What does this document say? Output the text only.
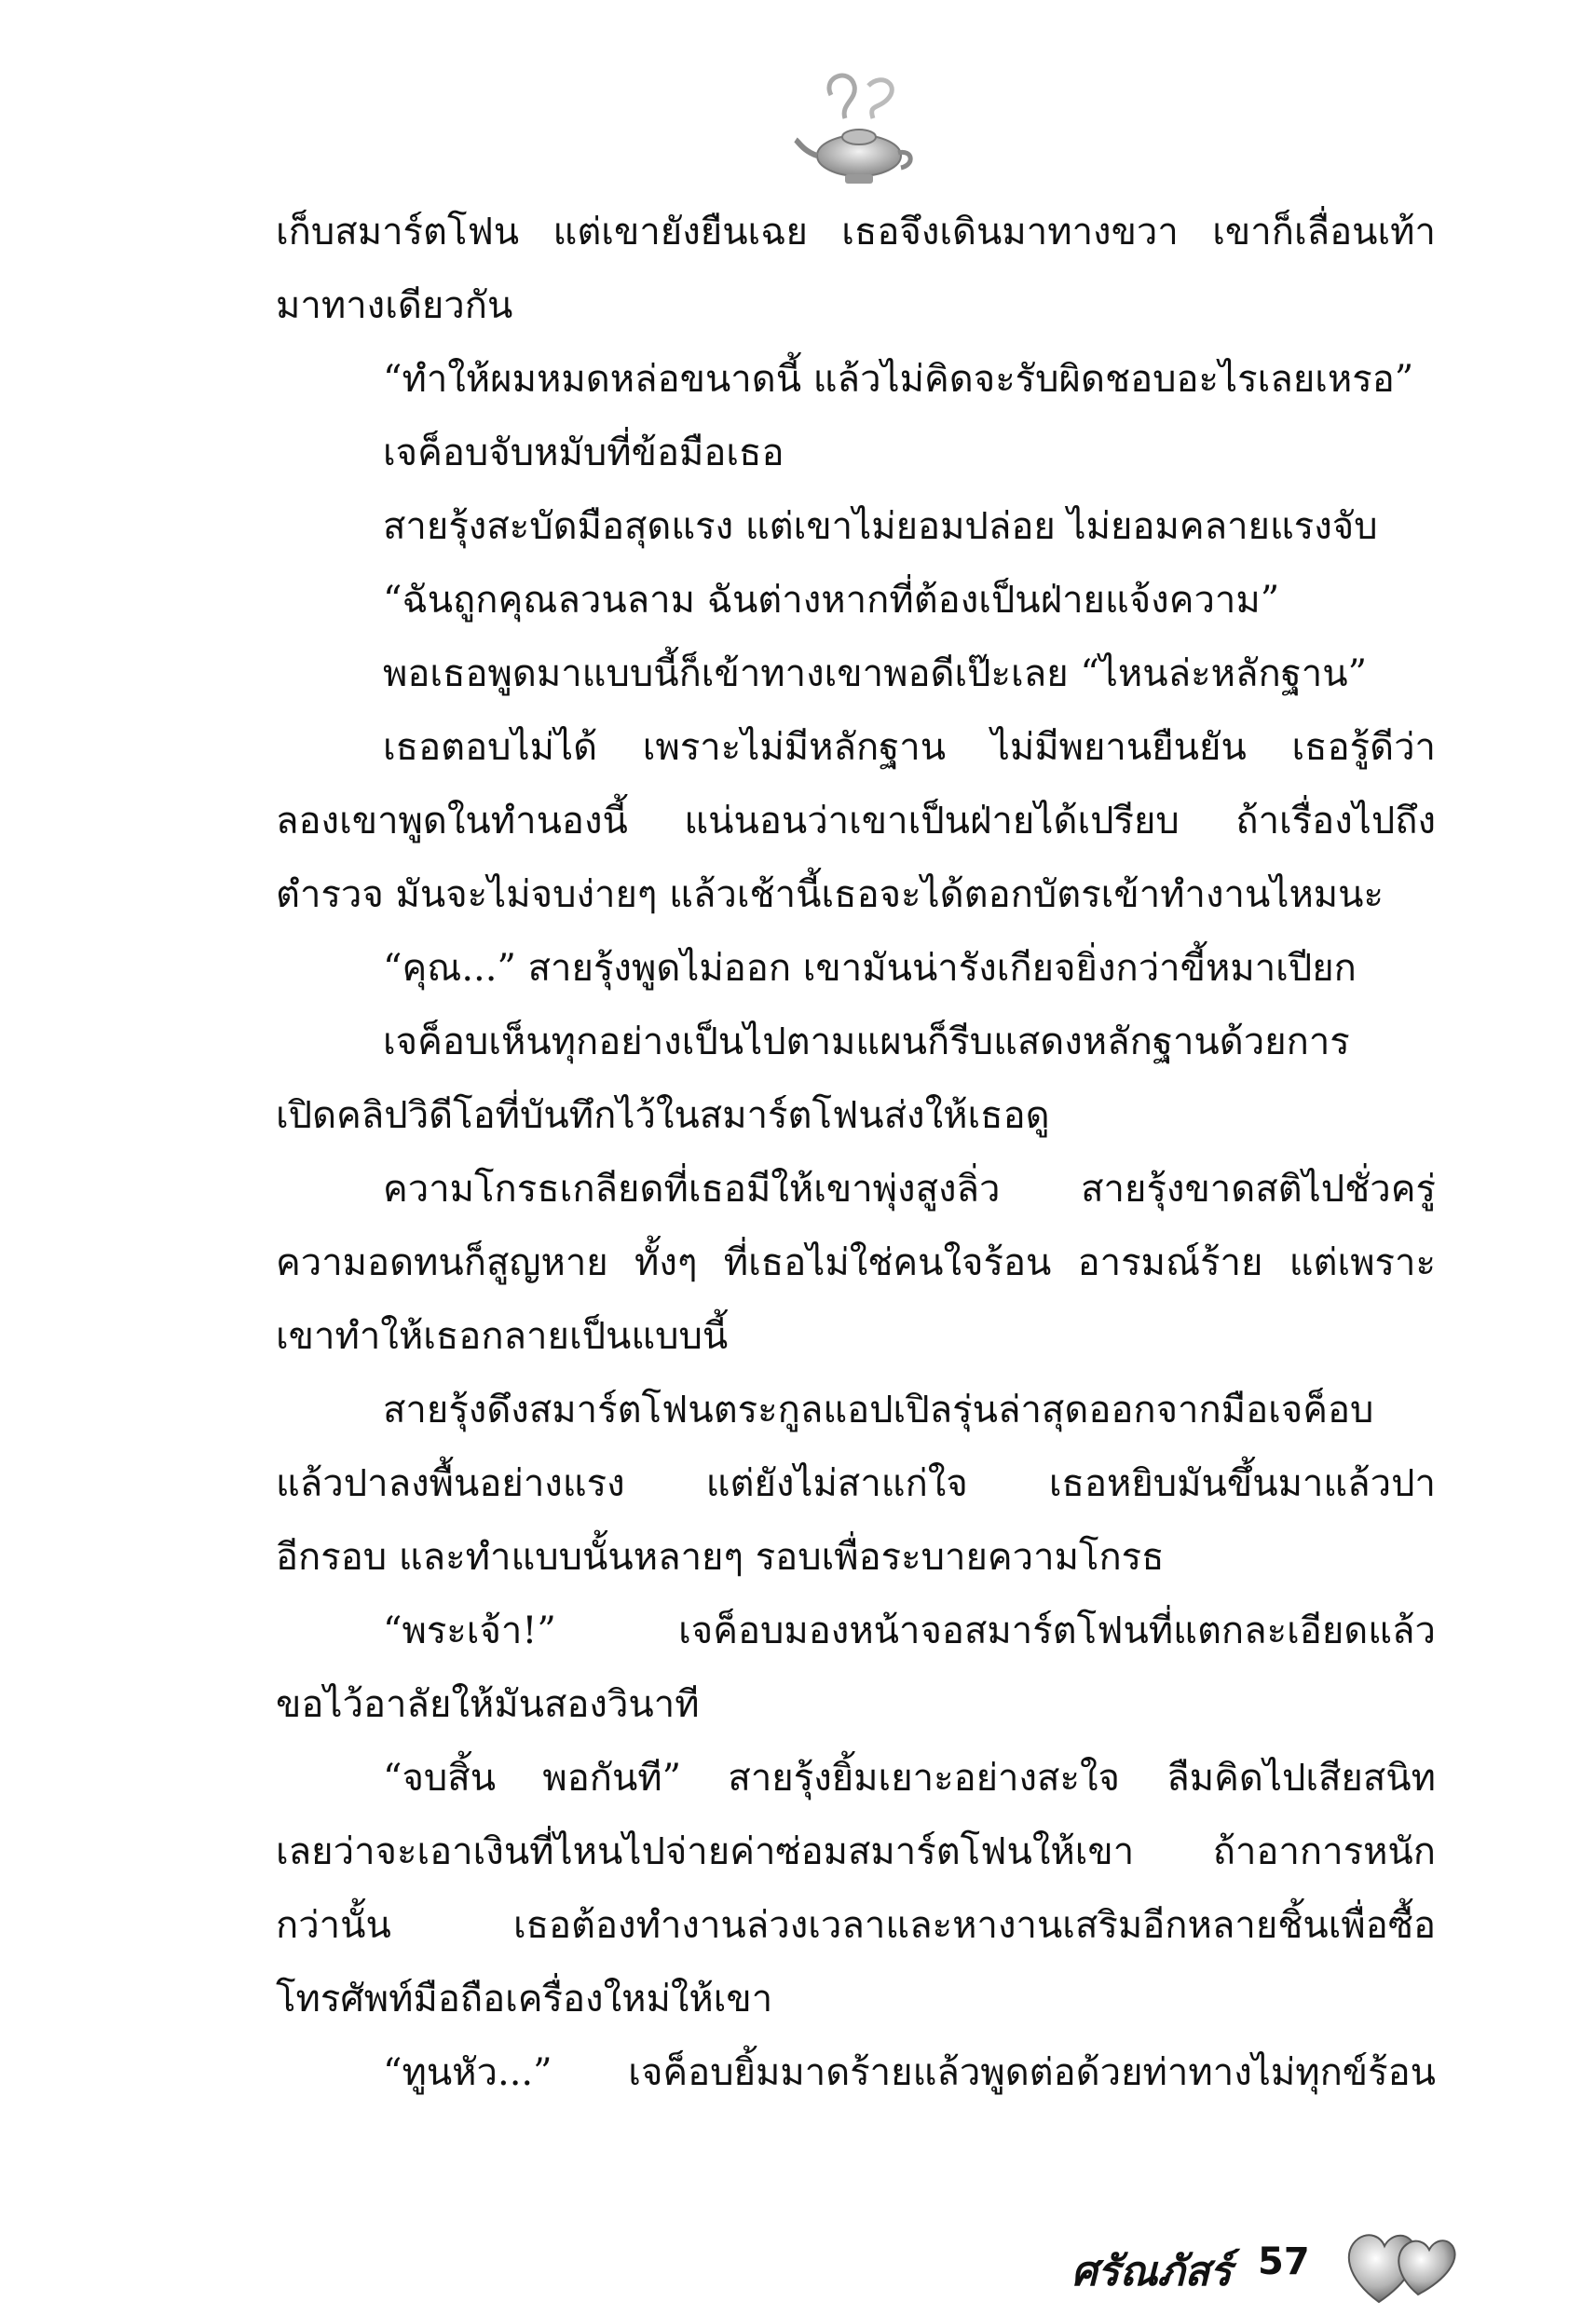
เก็บสมาร์ตโฟน แต่เขายังยืนเฉย เธอจึงเดินมาทางขวา เขาก็เลื่อนเท้า
มาทางเดียวกัน
“ทำให้ผมหมดหล่อขนาดนี้ แล้วไม่คิดจะรับผิดชอบอะไรเลยเหรอ”
เจค็อบจับหมับที่ข้อมือเธอ
สายรุ้งสะบัดมือสุดแรง แต่เขาไม่ยอมปล่อย ไม่ยอมคลายแรงจับ
“ฉันถูกคุณลวนลาม ฉันต่างหากที่ต้องเป็นฝ่ายแจ้งความ”
พอเธอพูดมาแบบนี้ก็เข้าทางเขาพอดีเป๊ะเลย “ไหนล่ะหลักฐาน”
เธอตอบไม่ได้ เพราะไม่มีหลักฐาน ไม่มีพยานยืนยัน เธอรู้ดีว่า
ลองเขาพูดในทำนองนี้ แน่นอนว่าเขาเป็นฝ่ายได้เปรียบ ถ้าเรื่องไปถึง
ตำรวจ มันจะไม่จบง่ายๆ แล้วเช้านี้เธอจะได้ตอกบัตรเข้าทำงานไหมนะ
“คุณ...” สายรุ้งพูดไม่ออก เขามันน่ารังเกียจยิ่งกว่าขี้หมาเปียก
เจค็อบเห็นทุกอย่างเป็นไปตามแผนก็รีบแสดงหลักฐานด้วยการ
เปิดคลิปวิดีโอที่บันทึกไว้ในสมาร์ตโฟนส่งให้เธอดู
ความโกรธเกลียดที่เธอมีให้เขาพุ่งสูงลิ่ว สายรุ้งขาดสติไปชั่วครู่
ความอดทนก็สูญหาย ทั้งๆ ที่เธอไม่ใช่คนใจร้อน อารมณ์ร้าย แต่เพราะ
เขาทำให้เธอกลายเป็นแบบนี้
สายรุ้งดึงสมาร์ตโฟนตระกูลแอปเปิลรุ่นล่าสุดออกจากมือเจค็อบ
แล้วปาลงพื้นอย่างแรง แต่ยังไม่สาแก่ใจ เธอหยิบมันขึ้นมาแล้วปา
อีกรอบ และทำแบบนั้นหลายๆ รอบเพื่อระบายความโกรธ
“พระเจ้า!” เจค็อบมองหน้าจอสมาร์ตโฟนที่แตกละเอียดแล้ว
ขอไว้อาลัยให้มันสองวินาที
“จบสิ้น พอกันที” สายรุ้งยิ้มเยาะอย่างสะใจ ลืมคิดไปเสียสนิท
เลยว่าจะเอาเงินที่ไหนไปจ่ายค่าซ่อมสมาร์ตโฟนให้เขา ถ้าอาการหนัก
กว่านั้น เธอต้องทำงานล่วงเวลาและหางานเสริมอีกหลายชิ้นเพื่อซื้อ
โทรศัพท์มือถือเครื่องใหม่ให้เขา
“ทูนหัว...” เจค็อบยิ้มมาดร้ายแล้วพูดต่อด้วยท่าทางไม่ทุกข์ร้อน
ศรัณภัสร์ 57
